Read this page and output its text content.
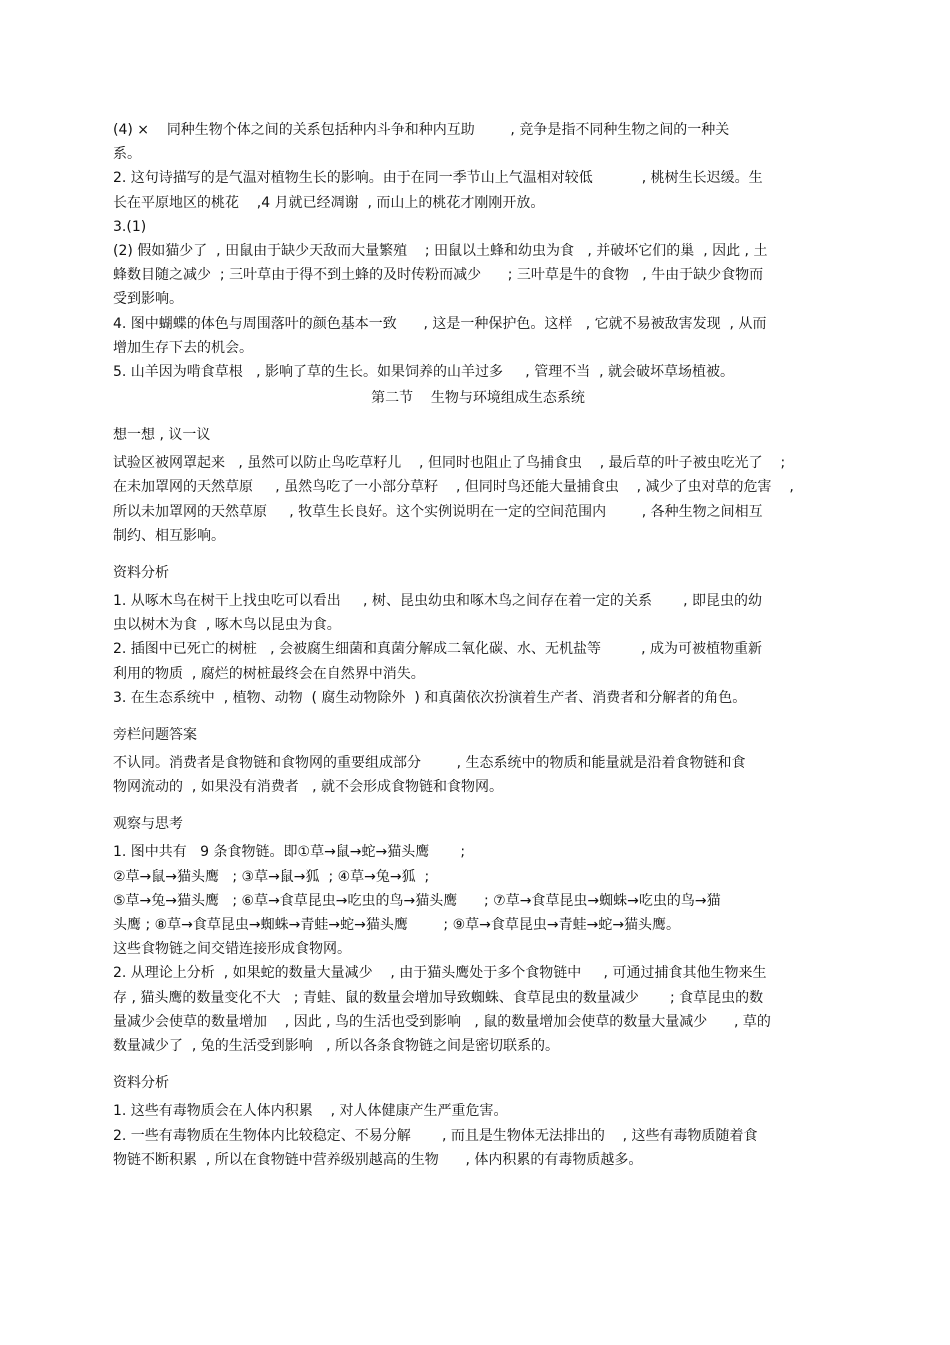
(4) ×    同种生物个体之间的关系包括种内斗争和种内互助        , 竞争是指不同种生物之间的一种关

系。

2. 这句诗描写的是气温对植物生长的影响。由于在同一季节山上气温相对较低           , 桃树生长迟缓。生

长在平原地区的桃花    ,4 月就已经凋谢  , 而山上的桃花才刚刚开放。

3.(1)

(2) 假如猫少了  , 田鼠由于缺少天敌而大量繁殖    ; 田鼠以土蜂和幼虫为食   , 并破坏它们的巢  , 因此 , 土

蜂数目随之减少  ; 三叶草由于得不到土蜂的及时传粉而减少      ; 三叶草是牛的食物   , 牛由于缺少食物而

受到影响。

4. 图中蝴蝶的体色与周围落叶的颜色基本一致      , 这是一种保护色。这样   , 它就不易被敌害发现  , 从而

增加生存下去的机会。

5. 山羊因为啃食草根   , 影响了草的生长。如果饲养的山羊过多     , 管理不当  , 就会破坏草场植被。

第二节    生物与环境组成生态系统

想一想 , 议一议

试验区被网罩起来   , 虽然可以防止鸟吃草籽儿    , 但同时也阻止了鸟捕食虫    , 最后草的叶子被虫吃光了    ;

在未加罩网的天然草原     , 虽然鸟吃了一小部分草籽    , 但同时鸟还能大量捕食虫    , 减少了虫对草的危害    ,

所以未加罩网的天然草原     , 牧草生长良好。这个实例说明在一定的空间范围内        , 各种生物之间相互

制约、相互影响。

资料分析

1. 从啄木鸟在树干上找虫吃可以看出     , 树、昆虫幼虫和啄木鸟之间存在着一定的关系       , 即昆虫的幼

虫以树木为食  , 啄木鸟以昆虫为食。

2. 插图中已死亡的树桩   , 会被腐生细菌和真菌分解成二氧化碳、水、无机盐等         , 成为可被植物重新

利用的物质  , 腐烂的树桩最终会在自然界中消失。

3. 在生态系统中  , 植物、动物  ( 腐生动物除外  ) 和真菌依次扮演着生产者、消费者和分解者的角色。

旁栏问题答案

不认同。消费者是食物链和食物网的重要组成部分        , 生态系统中的物质和能量就是沿着食物链和食

物网流动的  , 如果没有消费者   , 就不会形成食物链和食物网。

观察与思考

1. 图中共有   9 条食物链。即①草→鼠→蛇→猫头鹰       ;

②草→鼠→猫头鹰   ; ③草→鼠→狐  ; ④草→兔→狐  ;

⑤草→兔→猫头鹰   ; ⑥草→食草昆虫→吃虫的鸟→猫头鹰      ; ⑦草→食草昆虫→蜘蛛→吃虫的鸟→猫

头鹰 ; ⑧草→食草昆虫→蜘蛛→青蛙→蛇→猫头鹰        ; ⑨草→食草昆虫→青蛙→蛇→猫头鹰。

这些食物链之间交错连接形成食物网。

2. 从理论上分析  , 如果蛇的数量大量减少    , 由于猫头鹰处于多个食物链中     , 可通过捕食其他生物来生

存 , 猫头鹰的数量变化不大   ; 青蛙、鼠的数量会增加导致蜘蛛、食草昆虫的数量减少       ; 食草昆虫的数

量减少会使草的数量增加    , 因此 , 鸟的生活也受到影响   , 鼠的数量增加会使草的数量大量减少      , 草的

数量减少了  , 兔的生活受到影响   , 所以各条食物链之间是密切联系的。

资料分析

1. 这些有毒物质会在人体内积累    , 对人体健康产生严重危害。

2. 一些有毒物质在生物体内比较稳定、不易分解       , 而且是生物体无法排出的    , 这些有毒物质随着食

物链不断积累  , 所以在食物链中营养级别越高的生物      , 体内积累的有毒物质越多。
